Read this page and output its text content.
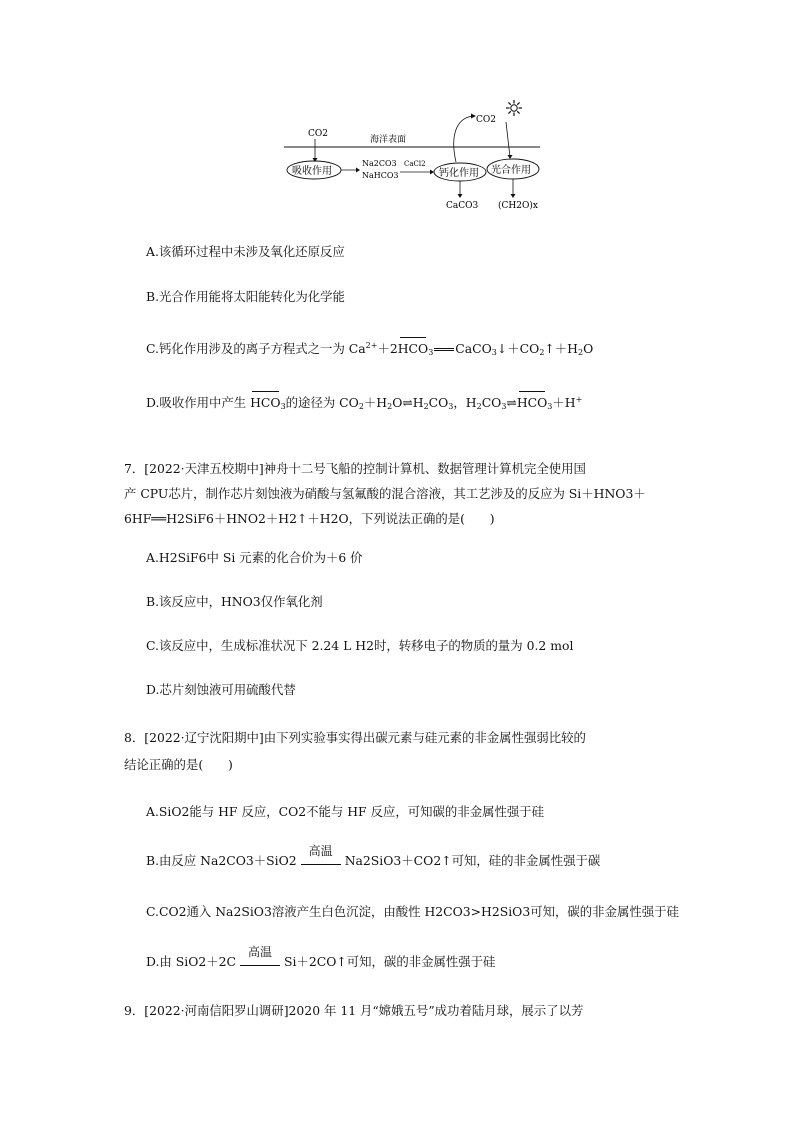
海洋表面
CO2
吸收作用
Na2CO3
NaHCO3
CaCl2
钙化作用 光合作用
CO2
CaCO3 (CH2O)x
A.该循环过程中未涉及氧化还原反应
B.光合作用能将太阳能转化为化学能
C.钙化作用涉及的离子方程式之一为 $Ca^{2+}+2HCO_3$ $CaCO_3↓+CO_2↑+H_2O$
D.吸收作用中产生 $HCO_3$的途径为 $CO_2+H_2O\rightleftharpoons H_2CO_3$，$H_2CO_3\rightleftharpoons HCO_3+H^+$
7．[2022·天津五校期中]神舟十二号飞船的控制计算机、数据管理计算机完全使用国
产 CPU芯片，制作芯片刻蚀液为硝酸与氢氟酸的混合溶液，其工艺涉及的反应为 Si＋HNO3＋
6HF══H2SiF6＋HNO2＋H2↑＋H2O，下列说法正确的是(　　)
A.H2SiF6中 Si 元素的化合价为＋6 价
B.该反应中，HNO3仅作氧化剂
C.该反应中，生成标准状况下 2.24 L H2时，转移电子的物质的量为 0.2 mol
D.芯片刻蚀液可用硫酸代替
8．[2022·辽宁沈阳期中]由下列实验事实得出碳元素与硅元素的非金属性强弱比较的
结论正确的是(　　)
A.SiO2能与 HF 反应，CO2不能与 HF 反应，可知碳的非金属性强于硅
B.由反应 Na2CO3＋SiO2
高温
Na2SiO3＋CO2↑可知，硅的非金属性强于碳
C.CO2通入 Na2SiO3溶液产生白色沉淀，由酸性 H2CO3>H2SiO3可知，碳的非金属性强于硅
D.由 SiO2＋2C
高温
Si＋2CO↑可知，碳的非金属性强于硅
9．[2022·河南信阳罗山调研]2020 年 11 月“嫦娥五号”成功着陆月球，展示了以芳
